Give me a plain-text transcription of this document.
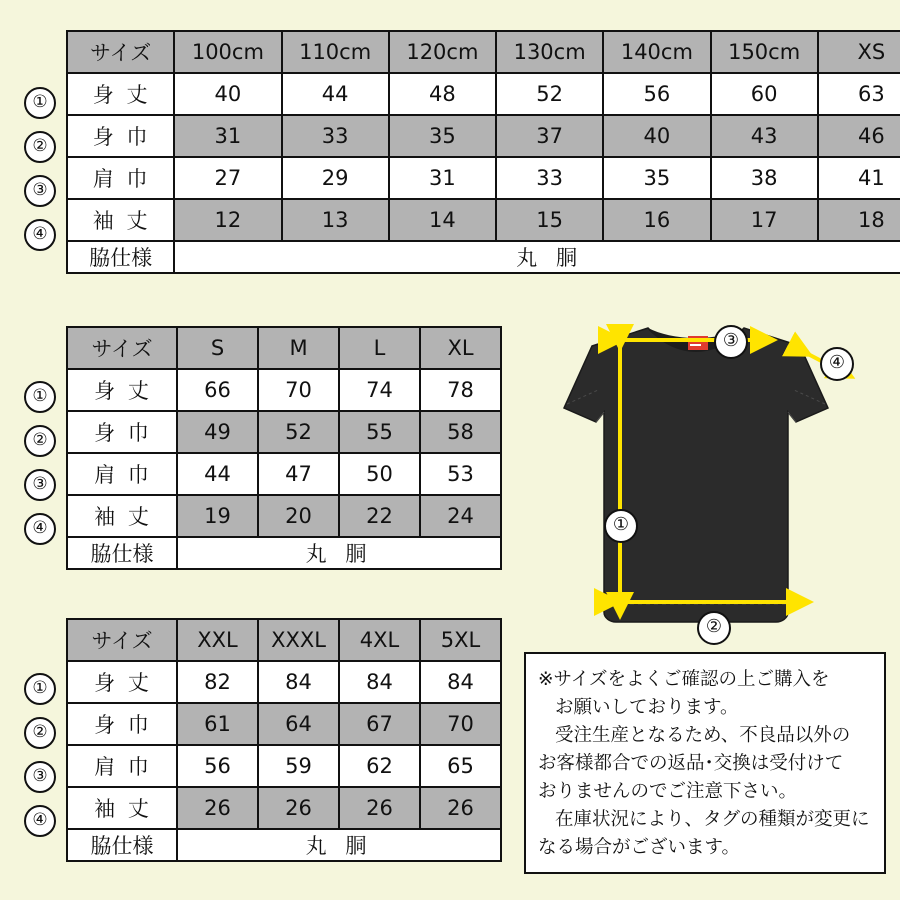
①
②
③
④
サイズ	100cm	110cm	120cm	130cm	140cm	150cm	XS
身 丈	40	44	48	52	56	60	63
身 巾	31	33	35	37	40	43	46
肩 巾	27	29	31	33	35	38	41
袖 丈	12	13	14	15	16	17	18
脇仕様	丸 胴						
①
②
③
④
サイズ	S	M	L	XL
身 丈	66	70	74	78
身 巾	49	52	55	58
肩 巾	44	47	50	53
袖 丈	19	20	22	24
脇仕様	丸 胴			
①
②
③
④
サイズ	XXL	XXXL	4XL	5XL
身 丈	82	84	84	84
身 巾	61	64	67	70
肩 巾	56	59	62	65
袖 丈	26	26	26	26
脇仕様	丸 胴			
①
②
③
④

※サイズをよくご確認の上ご購入を

お願いしております。

受注生産となるため、不良品以外の

お客様都合での返品･交換は受付けて

おりませんのでご注意下さい。

在庫状況により、タグの種類が変更に

なる場合がございます。
